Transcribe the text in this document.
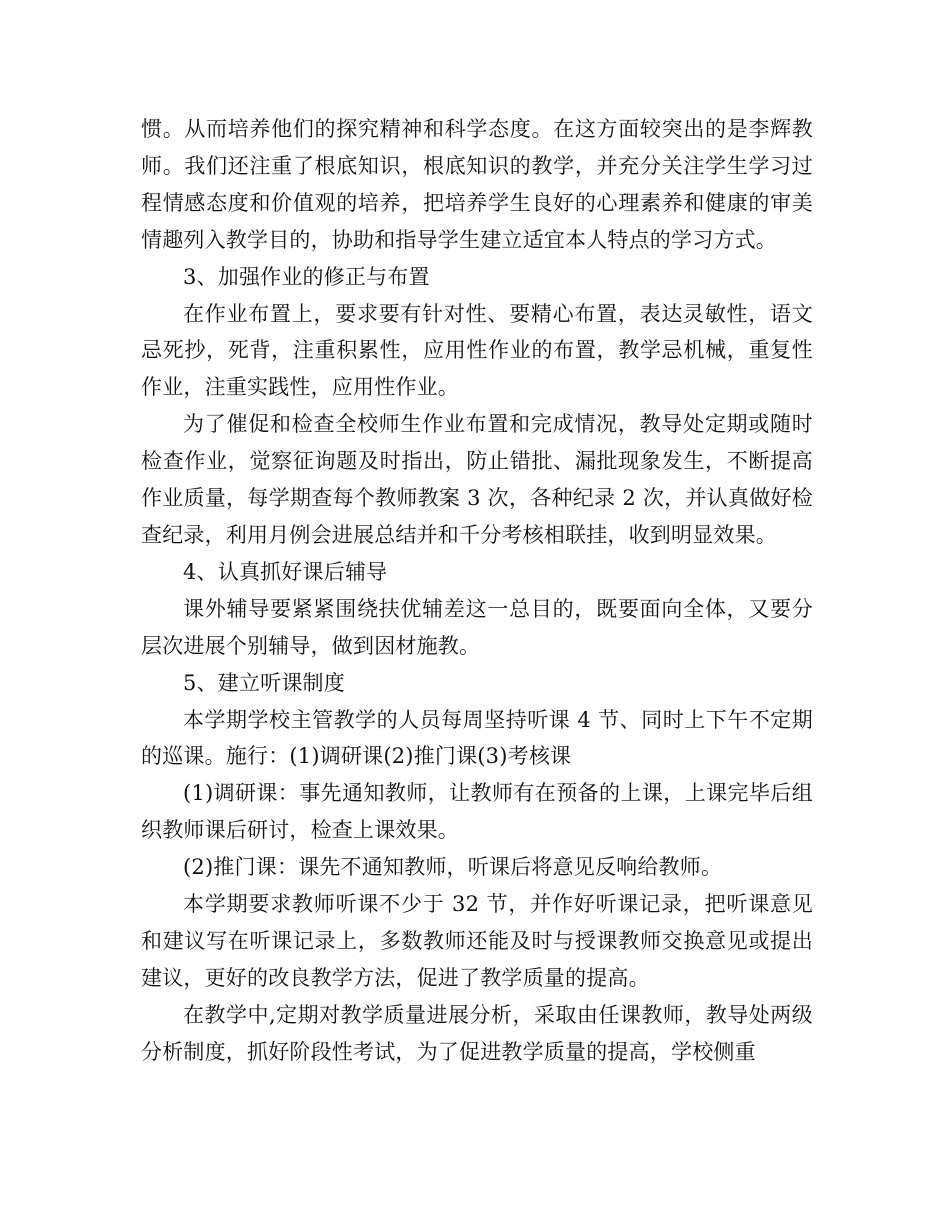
惯。从而培养他们的探究精神和科学态度。在这方面较突出的是李辉教师。我们还注重了根底知识，根底知识的教学，并充分关注学生学习过程情感态度和价值观的培养，把培养学生良好的心理素养和健康的审美情趣列入教学目的，协助和指导学生建立适宜本人特点的学习方式。

3、加强作业的修正与布置

在作业布置上，要求要有针对性、要精心布置，表达灵敏性，语文忌死抄，死背，注重积累性，应用性作业的布置，教学忌机械，重复性作业，注重实践性，应用性作业。

为了催促和检查全校师生作业布置和完成情况，教导处定期或随时检查作业，觉察征询题及时指出，防止错批、漏批现象发生，不断提高作业质量，每学期查每个教师教案 3 次，各种纪录 2 次，并认真做好检查纪录，利用月例会进展总结并和千分考核相联挂，收到明显效果。

4、认真抓好课后辅导

课外辅导要紧紧围绕扶优辅差这一总目的，既要面向全体，又要分层次进展个别辅导，做到因材施教。

5、建立听课制度

本学期学校主管教学的人员每周坚持听课 4 节、同时上下午不定期的巡课。施行：(1)调研课(2)推门课(3)考核课

(1)调研课：事先通知教师，让教师有在预备的上课，上课完毕后组织教师课后研讨，检查上课效果。

(2)推门课：课先不通知教师，听课后将意见反响给教师。

本学期要求教师听课不少于 32 节，并作好听课记录，把听课意见和建议写在听课记录上，多数教师还能及时与授课教师交换意见或提出建议，更好的改良教学方法，促进了教学质量的提高。

在教学中,定期对教学质量进展分析，采取由任课教师，教导处两级分析制度，抓好阶段性考试，为了促进教学质量的提高，学校侧重
